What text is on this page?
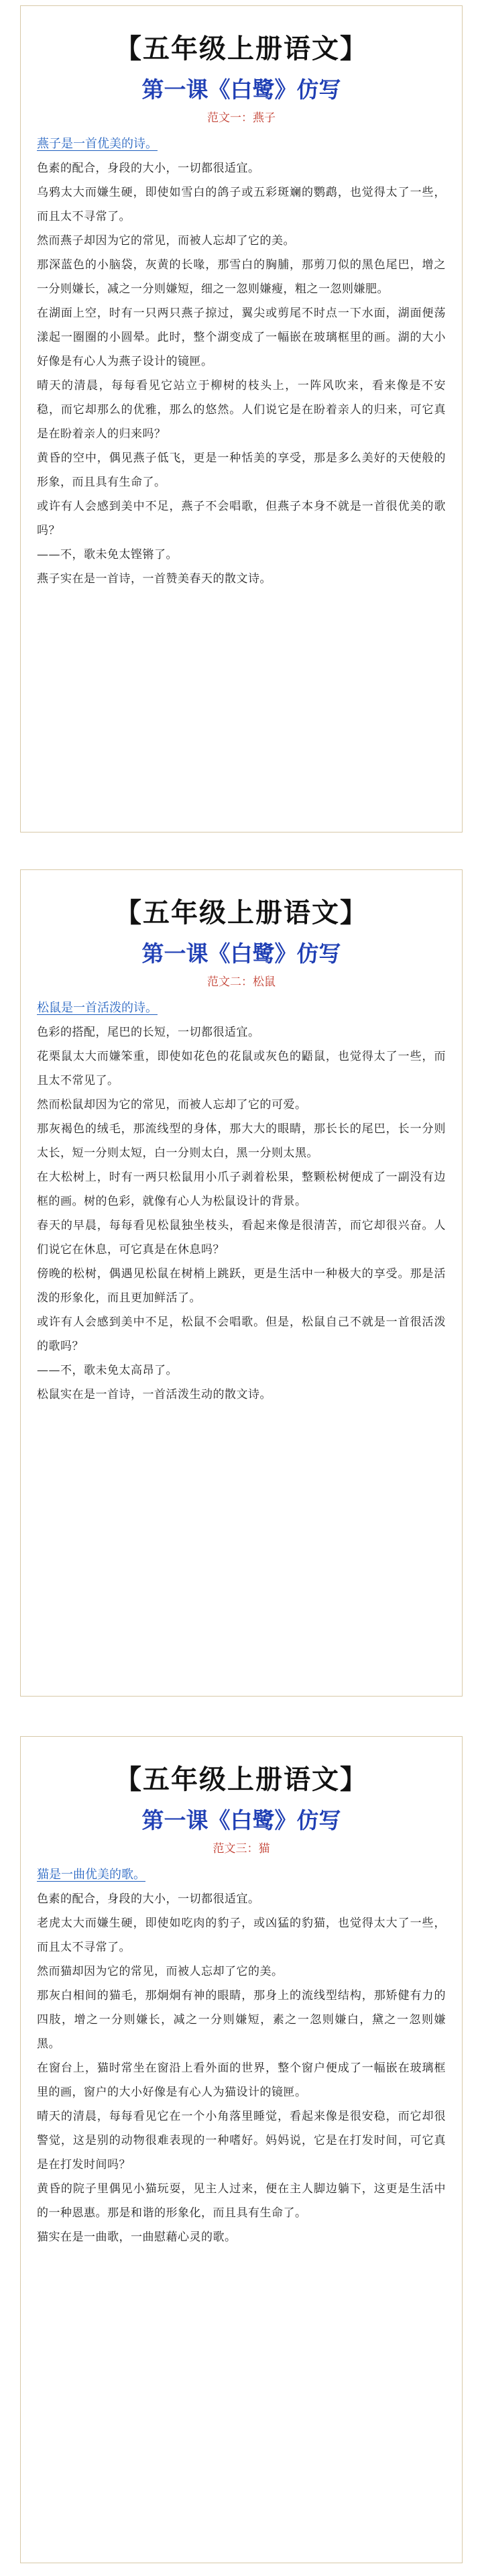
【五年级上册语文】
第一课《白鹭》仿写
范文一：燕子

燕子是一首优美的诗。

色素的配合，身段的大小，一切都很适宜。

乌鸦太大而嫌生硬，即使如雪白的鸽子或五彩斑斓的鹦鹉，也觉得太了一些，而且太不寻常了。

然而燕子却因为它的常见，而被人忘却了它的美。

那深蓝色的小脑袋，灰黄的长喙，那雪白的胸脯，那剪刀似的黑色尾巴，增之一分则嫌长，减之一分则嫌短，细之一忽则嫌瘦，粗之一忽则嫌肥。

在湖面上空，时有一只两只燕子掠过，翼尖或剪尾不时点一下水面，湖面便荡漾起一圈圈的小圆晕。此时，整个湖变成了一幅嵌在玻璃框里的画。湖的大小好像是有心人为燕子设计的镜匣。

晴天的清晨，每每看见它站立于柳树的枝头上，一阵风吹来，看来像是不安稳，而它却那么的优雅，那么的悠然。人们说它是在盼着亲人的归来，可它真是在盼着亲人的归来吗？

黄昏的空中，偶见燕子低飞，更是一种恬美的享受，那是多么美好的天使般的形象，而且具有生命了。

或许有人会感到美中不足，燕子不会唱歌，但燕子本身不就是一首很优美的歌吗？

——不，歌未免太铿锵了。

燕子实在是一首诗，一首赞美春天的散文诗。

【五年级上册语文】
第一课《白鹭》仿写
范文二：松鼠

松鼠是一首活泼的诗。

色彩的搭配，尾巴的长短，一切都很适宜。

花栗鼠太大而嫌笨重，即使如花色的花鼠或灰色的鼯鼠，也觉得太了一些，而且太不常见了。

然而松鼠却因为它的常见，而被人忘却了它的可爱。

那灰褐色的绒毛，那流线型的身体，那大大的眼睛，那长长的尾巴，长一分则太长，短一分则太短，白一分则太白，黑一分则太黑。

在大松树上，时有一两只松鼠用小爪子剥着松果，整颗松树便成了一副没有边框的画。树的色彩，就像有心人为松鼠设计的背景。

春天的早晨，每每看见松鼠独坐枝头，看起来像是很清苦，而它却很兴奋。人们说它在休息，可它真是在休息吗？

傍晚的松树，偶遇见松鼠在树梢上跳跃，更是生活中一种极大的享受。那是活泼的形象化，而且更加鲜活了。

或许有人会感到美中不足，松鼠不会唱歌。但是，松鼠自己不就是一首很活泼的歌吗？

——不，歌未免太高昂了。

松鼠实在是一首诗，一首活泼生动的散文诗。

【五年级上册语文】
第一课《白鹭》仿写
范文三：猫

猫是一曲优美的歌。

色素的配合，身段的大小，一切都很适宜。

老虎太大而嫌生硬，即使如吃肉的豹子，或凶猛的豹猫，也觉得太大了一些，而且太不寻常了。

然而猫却因为它的常见，而被人忘却了它的美。

那灰白相间的猫毛，那炯炯有神的眼睛，那身上的流线型结构，那矫健有力的四肢，增之一分则嫌长，减之一分则嫌短，素之一忽则嫌白，黛之一忽则嫌黑。

在窗台上，猫时常坐在窗沿上看外面的世界，整个窗户便成了一幅嵌在玻璃框里的画，窗户的大小好像是有心人为猫设计的镜匣。

晴天的清晨，每每看见它在一个小角落里睡觉，看起来像是很安稳，而它却很警觉，这是别的动物很难表现的一种嗜好。妈妈说，它是在打发时间，可它真是在打发时间吗？

黄昏的院子里偶见小猫玩耍，见主人过来，便在主人脚边躺下，这更是生活中的一种恩惠。那是和谐的形象化，而且具有生命了。

猫实在是一曲歌，一曲慰藉心灵的歌。
